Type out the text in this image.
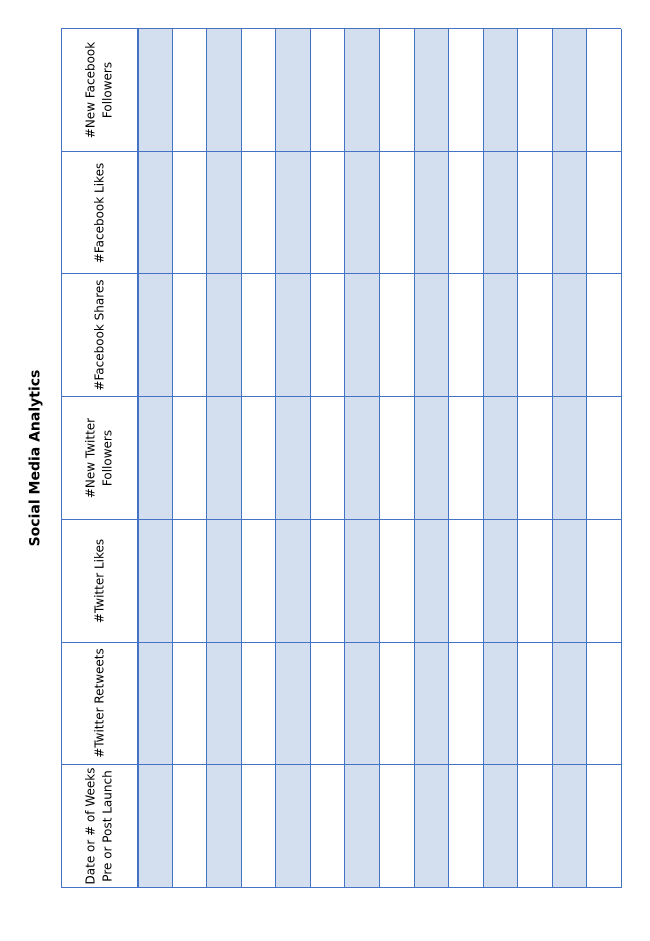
Social Media Analytics
#New Facebook Followers
#Facebook Likes
#Facebook Shares
#New Twitter Followers
#Twitter Likes
#Twitter Retweets
Date or # of Weeks Pre or Post Launch
